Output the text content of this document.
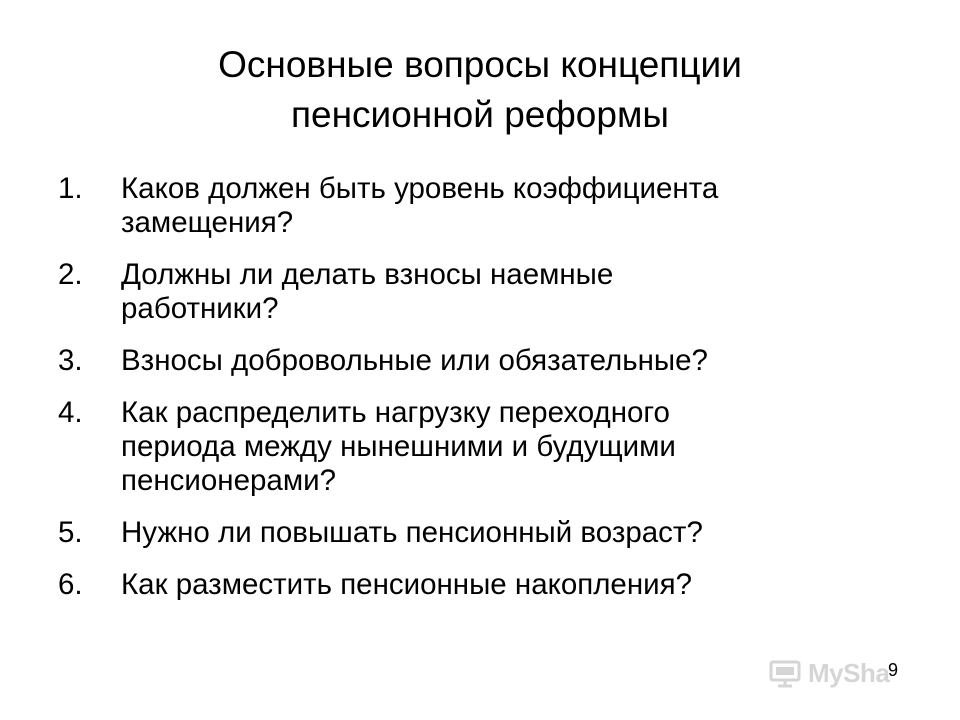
Основные вопросы концепции
пенсионной реформы
1.	Каков должен быть уровень коэффициента
замещения?
2.	Должны ли делать взносы наемные
работники?
3.	Взносы добровольные или обязательные?
4.	Как распределить нагрузку переходного
периода между нынешними и будущими
пенсионерами?
5.	Нужно ли повышать пенсионный возраст?
6.	Как разместить пенсионные накопления?
MySha
9
